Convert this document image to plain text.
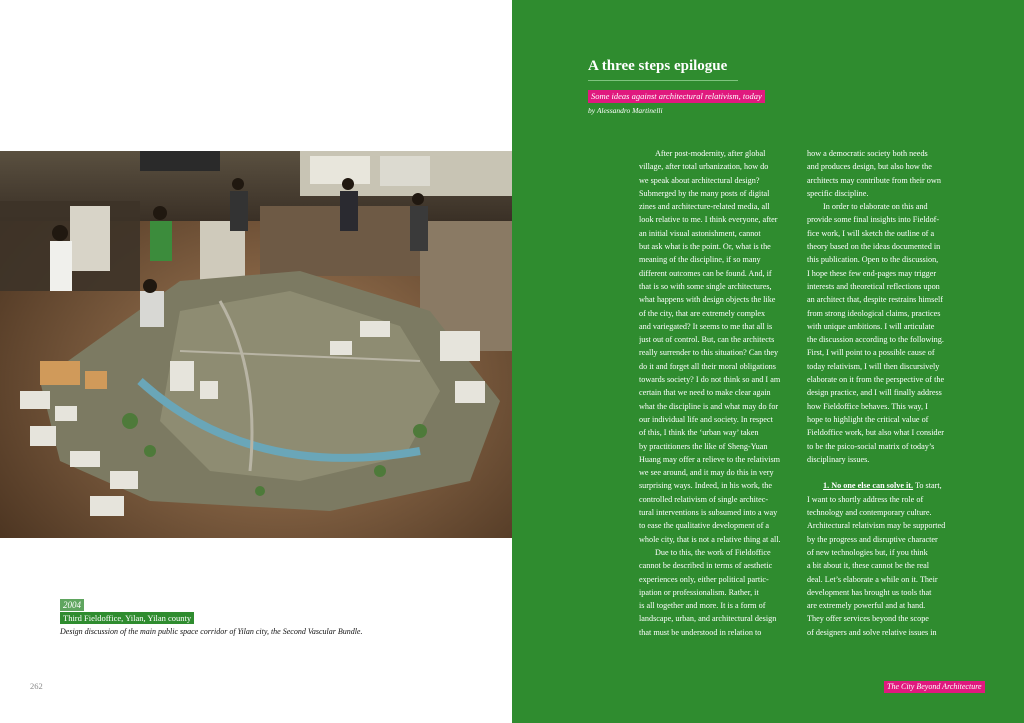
2004
Third Fieldoffice, Yilan, Yilan county
Design discussion of the main public space corridor of Yilan city, the Second Vascular Bundle.
262
A three steps epilogue
Some ideas against architectural relativism, today
by Alessandro Martinelli
After post-modernity, after global
village, after total urbanization, how do
we speak about architectural design?
Submerged by the many posts of digital
zines and architecture-related media, all
look relative to me. I think everyone, after
an initial visual astonishment, cannot
but ask what is the point. Or, what is the
meaning of the discipline, if so many
different outcomes can be found. And, if
that is so with some single architectures,
what happens with design objects the like
of the city, that are extremely complex
and variegated? It seems to me that all is
just out of control. But, can the architects
really surrender to this situation? Can they
do it and forget all their moral obligations
towards society? I do not think so and I am
certain that we need to make clear again
what the discipline is and what may do for
our individual life and society. In respect
of this, I think the ‘urban way’ taken
by practitioners the like of Sheng-Yuan
Huang may offer a relieve to the relativism
we see around, and it may do this in very
surprising ways. Indeed, in his work, the
controlled relativism of single architec-
tural interventions is subsumed into a way
to ease the qualitative development of a
whole city, that is not a relative thing at all.
Due to this, the work of Fieldoffice
cannot be described in terms of aesthetic
experiences only, either political partic-
ipation or professionalism. Rather, it
is all together and more. It is a form of
landscape, urban, and architectural design
that must be understood in relation to
how a democratic society both needs
and produces design, but also how the
architects may contribute from their own
specific discipline.
In order to elaborate on this and
provide some final insights into Fieldof-
fice work, I will sketch the outline of a
theory based on the ideas documented in
this publication. Open to the discussion,
I hope these few end-pages may trigger
interests and theoretical reflections upon
an architect that, despite restrains himself
from strong ideological claims, practices
with unique ambitions. I will articulate
the discussion according to the following.
First, I will point to a possible cause of
today relativism, I will then discursively
elaborate on it from the perspective of the
design practice, and I will finally address
how Fieldoffice behaves. This way, I
hope to highlight the critical value of
Fieldoffice work, but also what I consider
to be the psico-social matrix of today’s
disciplinary issues.
1. No one else can solve it. To start,
I want to shortly address the role of
technology and contemporary culture.
Architectural relativism may be supported
by the progress and disruptive character
of new technologies but, if you think
a bit about it, these cannot be the real
deal. Let’s elaborate a while on it. Their
development has brought us tools that
are extremely powerful and at hand.
They offer services beyond the scope
of designers and solve relative issues in
The City Beyond Architecture
